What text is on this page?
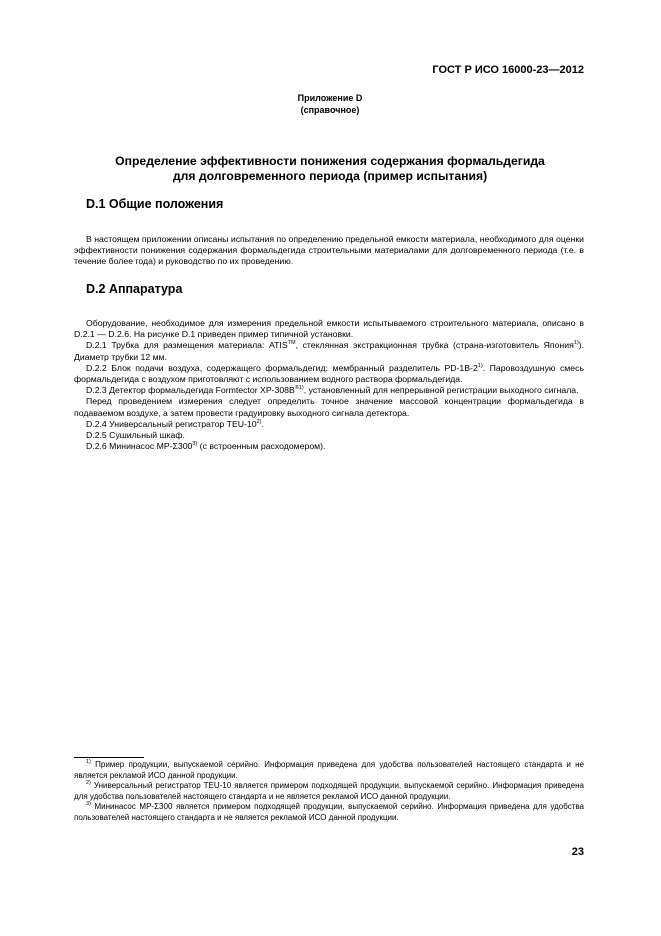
ГОСТ Р ИСО 16000-23—2012
Приложение D
(справочное)
Определение эффективности понижения содержания формальдегида
для долговременного периода (пример испытания)
D.1 Общие положения
В настоящем приложении описаны испытания по определению предельной емкости материала, необходимого для оценки эффективности понижения содержания формальдегида строительными материалами для долговременного периода (т.е. в течение более года) и руководство по их проведению.
D.2 Аппаратура
Оборудование, необходимое для измерения предельной емкости испытываемого строительного материала, описано в D.2.1 — D.2.6. На рисунке D.1 приведен пример типичной установки.
D.2.1 Трубка для размещения материала: ATIS™, стеклянная экстракционная трубка (страна-изготовитель Япония$^{1)}$). Диаметр трубки 12 мм.
D.2.2 Блок подачи воздуха, содержащего формальдегид: мембранный разделитель PD-1B-2$^{1)}$. Паровоздушную смесь формальдегида с воздухом приготовляют с использованием водного раствора формальдегида.
D.2.3 Детектор формальдегида Formtector $XP-308B^{®1)}$, установленный для непрерывной регистрации выходного сигнала.
Перед проведением измерения следует определить точное значение массовой концентрации формальдегида в подаваемом воздухе, а затем провести градуировку выходного сигнала детектора.
D.2.4 Универсальный регистратор TEU-10$^{2)}$.
D.2.5 Сушильный шкаф.
D.2.6 Мининасос MP-Σ300$^{3)}$ (с встроенным расходомером).
$^{1)}$ Пример продукции, выпускаемой серийно. Информация приведена для удобства пользователей настоящего стандарта и не является рекламой ИСО данной продукции.
$^{2)}$ Универсальный регистратор TEU-10 является примером подходящей продукции, выпускаемой серийно. Информация приведена для удобства пользователей настоящего стандарта и не является рекламой ИСО данной продукции.
$^{3)}$ Мининасос MP-Σ300 является примером подходящей продукции, выпускаемой серийно. Информация приведена для удобства пользователей настоящего стандарта и не является рекламой ИСО данной продукции.
23
